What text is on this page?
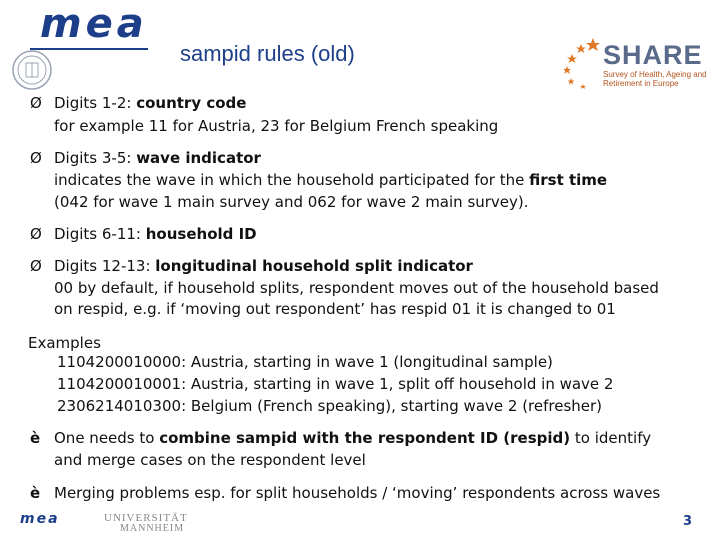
mea
sampid rules (old)	SHARE
Survey of Health, Ageing and Retirement in Europe
Ø Digits 1-2: country code
for example 11 for Austria, 23 for Belgium French speaking
Ø Digits 3-5: wave indicator
indicates the wave in which the household participated for the first time
(042 for wave 1 main survey and 062 for wave 2 main survey).
Ø Digits 6-11: household ID
Ø Digits 12-13: longitudinal household split indicator
00 by default, if household splits, respondent moves out of the household based
on respid, e.g. if ‘moving out respondent’ has respid 01 it is changed to 01
Examples
1104200010000: Austria, starting in wave 1 (longitudinal sample)
1104200010001: Austria, starting in wave 1, split off household in wave 2
2306214010300: Belgium (French speaking), starting wave 2 (refresher)
è One needs to combine sampid with the respondent ID (respid) to identify
and merge cases on the respondent level
è Merging problems esp. for split households / ‘moving’ respondents across waves
mea	UNIVERSITÄT
MANNHEIM	3
